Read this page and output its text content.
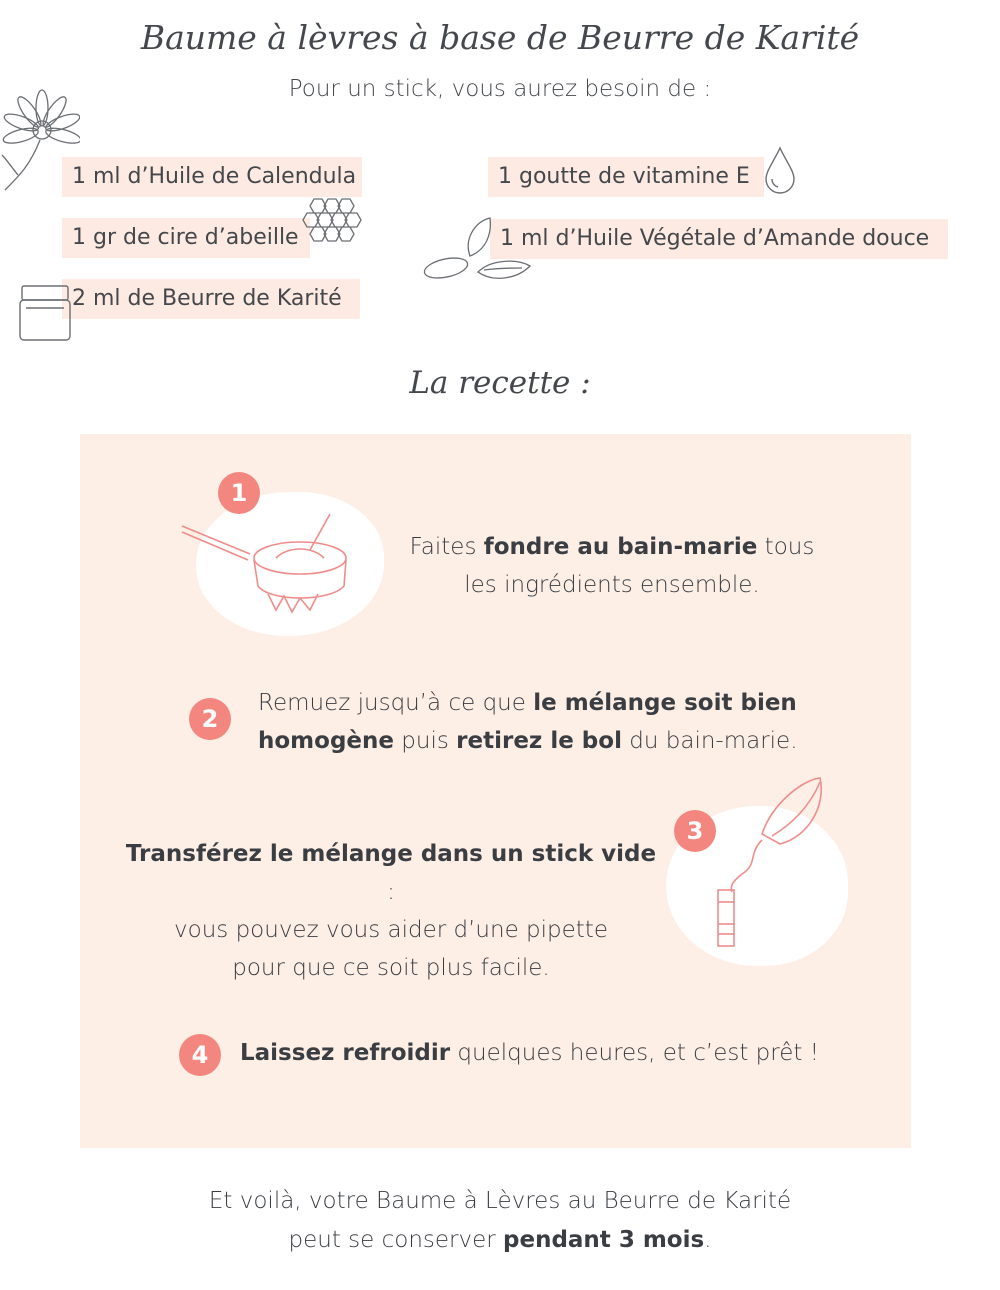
Baume à lèvres à base de Beurre de Karité
Pour un stick, vous aurez besoin de :
1 ml d’Huile de Calendula
1 gr de cire d’abeille
2 ml de Beurre de Karité
1 goutte de vitamine E
1 ml d’Huile Végétale d’Amande douce
La recette :
1
Faites fondre au bain-marie tous
les ingrédients ensemble.
2
Remuez jusqu’à ce que le mélange soit bien
homogène puis retirez le bol du bain-marie.
Transférez le mélange dans un stick vide :
vous pouvez vous aider d’une pipette
pour que ce soit plus facile.
3
4	Laissez refroidir quelques heures, et c’est prêt !
Et voilà, votre Baume à Lèvres au Beurre de Karité
peut se conserver pendant 3 mois.
